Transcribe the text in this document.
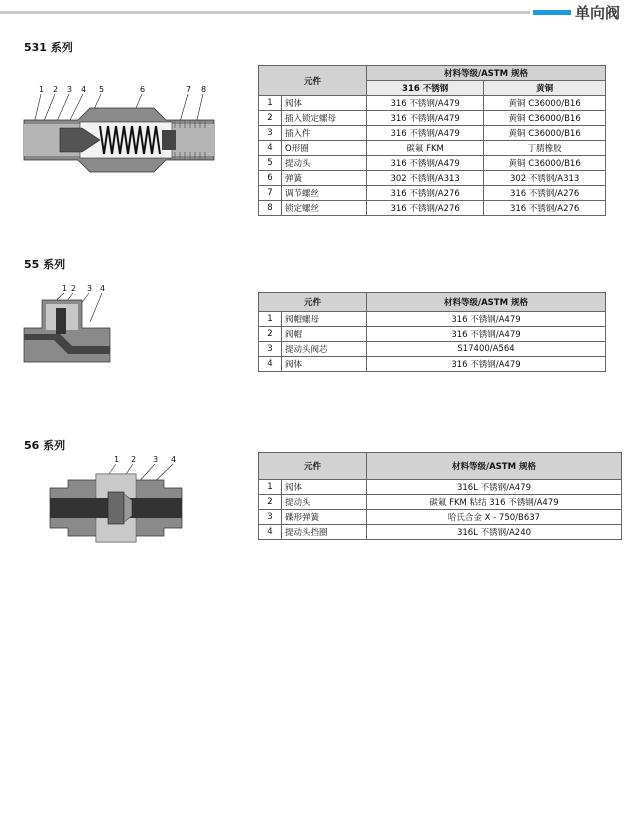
单向阀
531 系列
1 2 3 4 5	6	7 8
元件		材料等级/ASTM 规格	
		316 不锈钢	黄铜
1	阀体	316 不锈钢/A479	黄铜 C36000/B16
2	插入锁定螺母	316 不锈钢/A479	黄铜 C36000/B16
3	插入件	316 不锈钢/A479	黄铜 C36000/B16
4	O形圈	碳氟 FKM	丁腈橡胶
5	提动头	316 不锈钢/A479	黄铜 C36000/B16
6	弹簧	302 不锈钢/A313	302 不锈钢/A313
7	调节螺丝	316 不锈钢/A276	316 不锈钢/A276
8	锁定螺丝	316 不锈钢/A276	316 不锈钢/A276
55 系列
1 2 3 4
元件		材料等级/ASTM 规格
1	阀帽螺母	316 不锈钢/A479
2	阀帽	316 不锈钢/A479
3	提动头阀芯	S17400/A564
4	阀体	316 不锈钢/A479
56 系列
1 2 3 4
元件		材料等级/ASTM 规格
1	阀体	316L 不锈钢/A479
2	提动头	碳氟 FKM 粘结 316 不锈钢/A479
3	碟形弹簧	哈氏合金 X - 750/B637
4	提动头挡圈	316L 不锈钢/A240
